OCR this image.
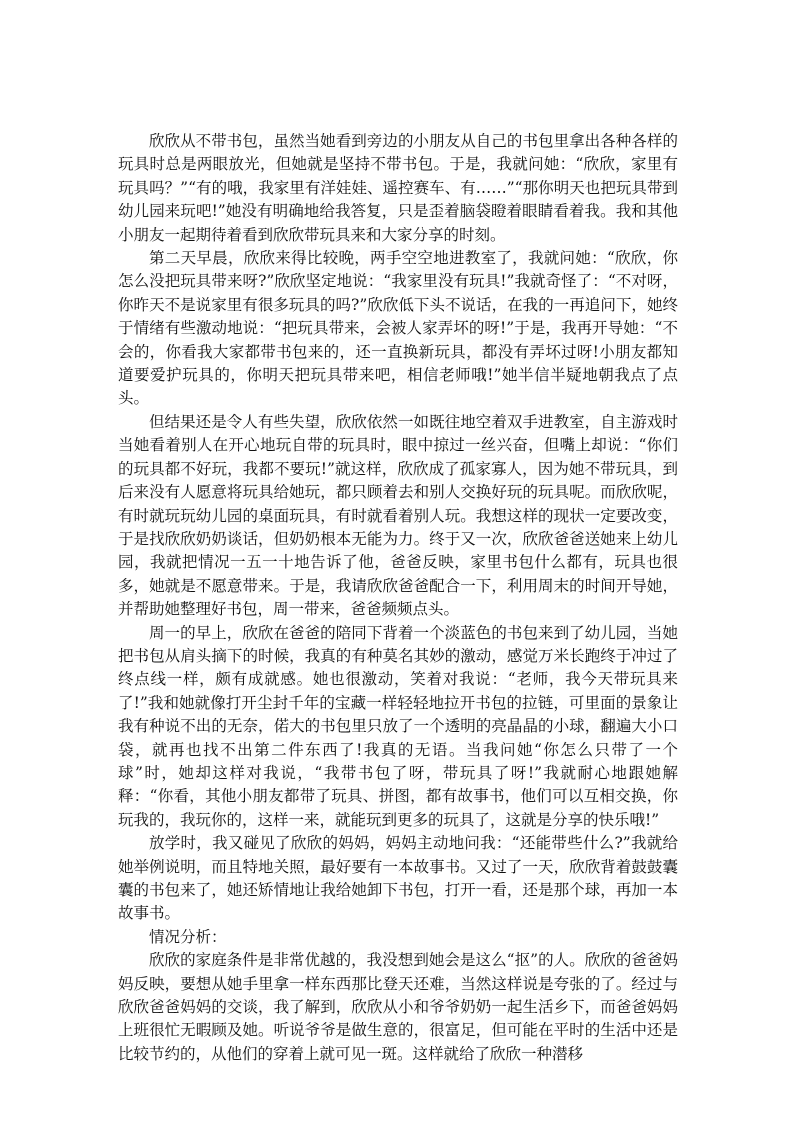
欣欣从不带书包，虽然当她看到旁边的小朋友从自己的书包里拿出各种各样的玩具时总是两眼放光，但她就是坚持不带书包。于是，我就问她：“欣欣，家里有玩具吗？”“有的哦，我家里有洋娃娃、遥控赛车、有……”“那你明天也把玩具带到幼儿园来玩吧!”她没有明确地给我答复，只是歪着脑袋瞪着眼睛看着我。我和其他小朋友一起期待着看到欣欣带玩具来和大家分享的时刻。

第二天早晨，欣欣来得比较晚，两手空空地进教室了，我就问她：“欣欣，你怎么没把玩具带来呀?”欣欣坚定地说：“我家里没有玩具!”我就奇怪了：“不对呀，你昨天不是说家里有很多玩具的吗?”欣欣低下头不说话，在我的一再追问下，她终于情绪有些激动地说：“把玩具带来，会被人家弄坏的呀!”于是，我再开导她：“不会的，你看我大家都带书包来的，还一直换新玩具，都没有弄坏过呀!小朋友都知道要爱护玩具的，你明天把玩具带来吧，相信老师哦!”她半信半疑地朝我点了点头。

但结果还是令人有些失望，欣欣依然一如既往地空着双手进教室，自主游戏时当她看着别人在开心地玩自带的玩具时，眼中掠过一丝兴奋，但嘴上却说：“你们的玩具都不好玩，我都不要玩!”就这样，欣欣成了孤家寡人，因为她不带玩具，到后来没有人愿意将玩具给她玩，都只顾着去和别人交换好玩的玩具呢。而欣欣呢，有时就玩玩幼儿园的桌面玩具，有时就看着别人玩。我想这样的现状一定要改变，于是找欣欣奶奶谈话，但奶奶根本无能为力。终于又一次，欣欣爸爸送她来上幼儿园，我就把情况一五一十地告诉了他，爸爸反映，家里书包什么都有，玩具也很多，她就是不愿意带来。于是，我请欣欣爸爸配合一下，利用周末的时间开导她，并帮助她整理好书包，周一带来，爸爸频频点头。

周一的早上，欣欣在爸爸的陪同下背着一个淡蓝色的书包来到了幼儿园，当她把书包从肩头摘下的时候，我真的有种莫名其妙的激动，感觉万米长跑终于冲过了终点线一样，颇有成就感。她也很激动，笑着对我说：“老师，我今天带玩具来了!”我和她就像打开尘封千年的宝藏一样轻轻地拉开书包的拉链，可里面的景象让我有种说不出的无奈，偌大的书包里只放了一个透明的亮晶晶的小球，翻遍大小口袋，就再也找不出第二件东西了!我真的无语。当我问她“你怎么只带了一个球”时，她却这样对我说，“我带书包了呀，带玩具了呀!”我就耐心地跟她解释：“你看，其他小朋友都带了玩具、拼图，都有故事书，他们可以互相交换，你玩我的，我玩你的，这样一来，就能玩到更多的玩具了，这就是分享的快乐哦!”

放学时，我又碰见了欣欣的妈妈，妈妈主动地问我：“还能带些什么?”我就给她举例说明，而且特地关照，最好要有一本故事书。又过了一天，欣欣背着鼓鼓囊囊的书包来了，她还矫情地让我给她卸下书包，打开一看，还是那个球，再加一本故事书。

情况分析：

欣欣的家庭条件是非常优越的，我没想到她会是这么“抠”的人。欣欣的爸爸妈妈反映，要想从她手里拿一样东西那比登天还难，当然这样说是夸张的了。经过与欣欣爸爸妈妈的交谈，我了解到，欣欣从小和爷爷奶奶一起生活乡下，而爸爸妈妈上班很忙无暇顾及她。听说爷爷是做生意的，很富足，但可能在平时的生活中还是比较节约的，从他们的穿着上就可见一斑。这样就给了欣欣一种潜移
